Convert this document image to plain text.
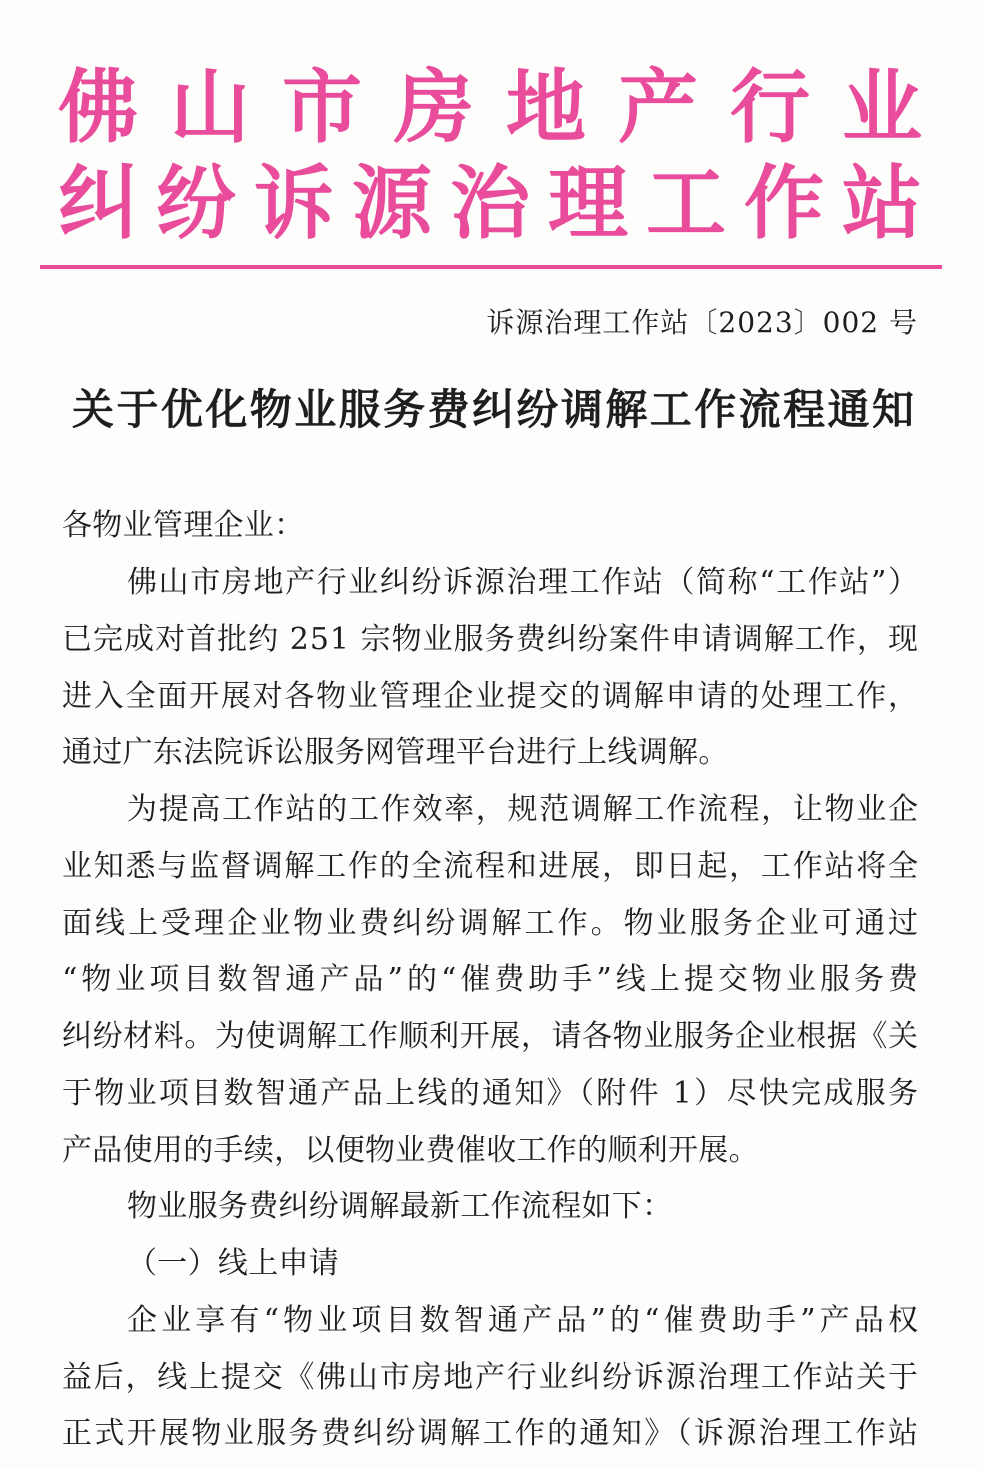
佛山市房地产行业
纠纷诉源治理工作站
诉源治理工作站〔2023〕002 号
关于优化物业服务费纠纷调解工作流程通知
各物业管理企业：
佛山市房地产行业纠纷诉源治理工作站（简称“工作站”）
已完成对首批约 251 宗物业服务费纠纷案件申请调解工作，现
进入全面开展对各物业管理企业提交的调解申请的处理工作，
通过广东法院诉讼服务网管理平台进行上线调解。
为提高工作站的工作效率，规范调解工作流程，让物业企
业知悉与监督调解工作的全流程和进展，即日起，工作站将全
面线上受理企业物业费纠纷调解工作。物业服务企业可通过
“物业项目数智通产品”的“催费助手”线上提交物业服务费
纠纷材料。为使调解工作顺利开展，请各物业服务企业根据《关
于物业项目数智通产品上线的通知》（附件 1）尽快完成服务
产品使用的手续，以便物业费催收工作的顺利开展。
物业服务费纠纷调解最新工作流程如下：
（一）线上申请
企业享有“物业项目数智通产品”的“催费助手”产品权
益后，线上提交《佛山市房地产行业纠纷诉源治理工作站关于
正式开展物业服务费纠纷调解工作的通知》（诉源治理工作站
